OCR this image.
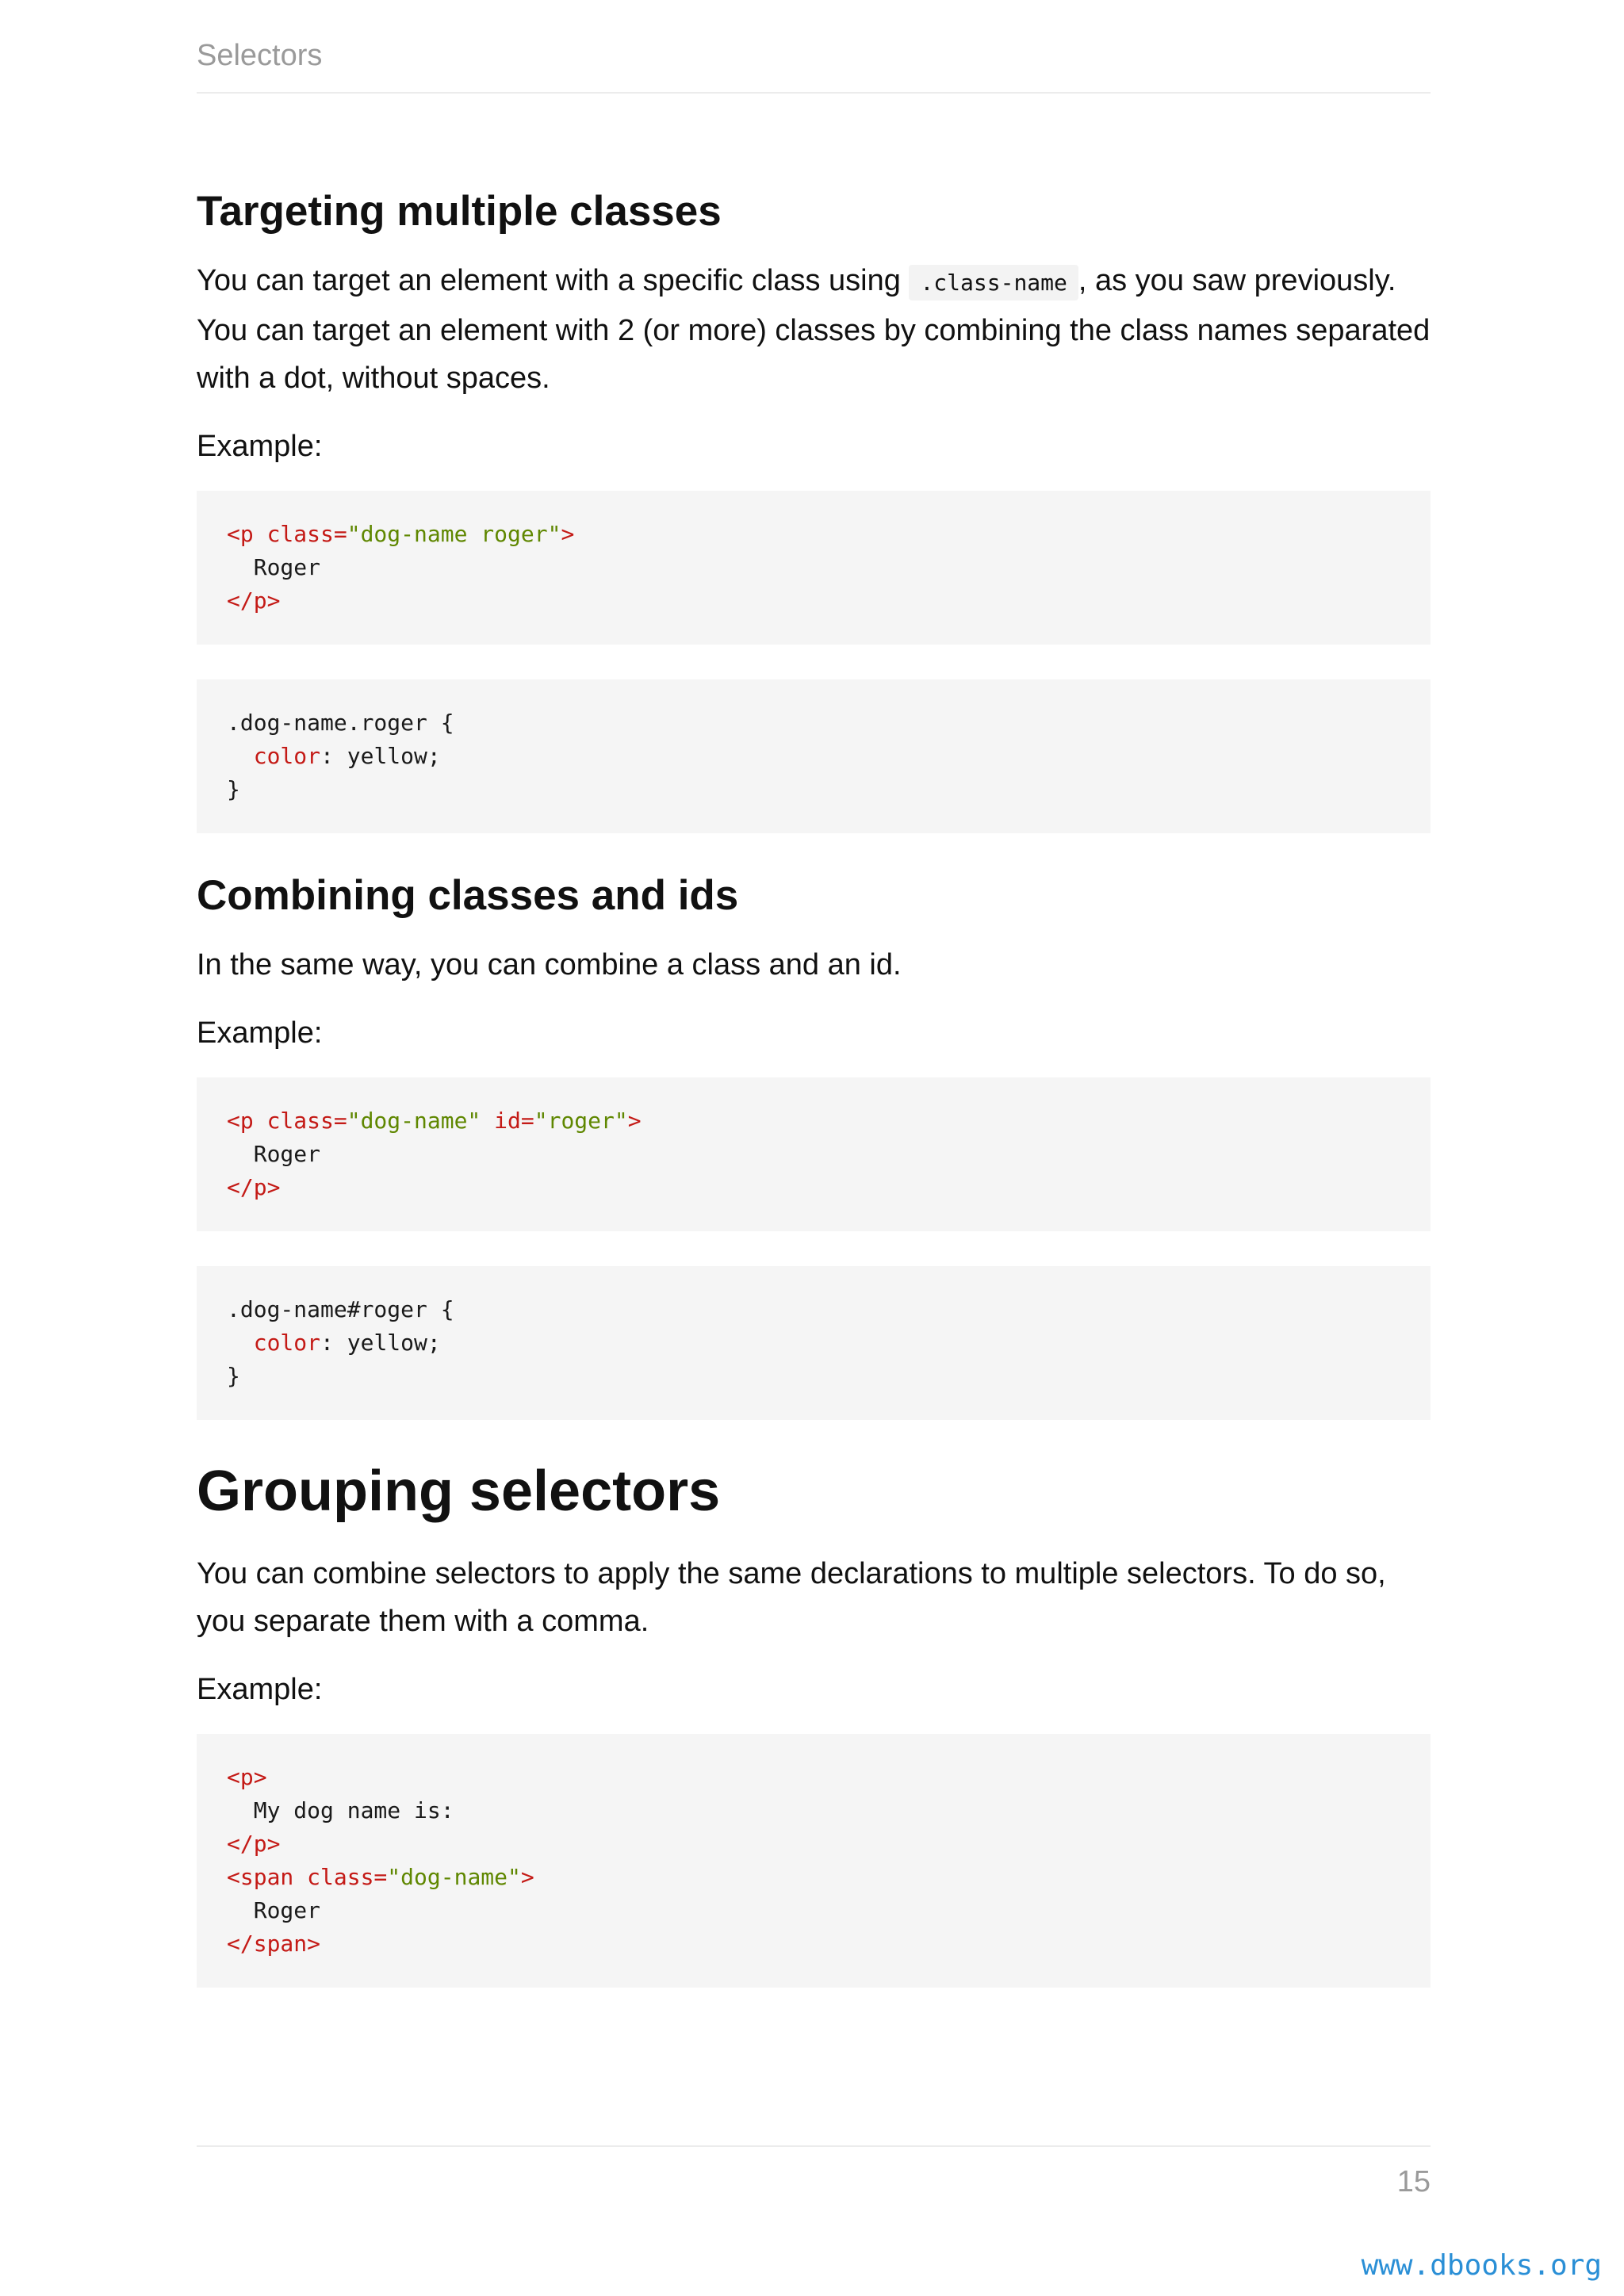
Selectors
Targeting multiple classes

You can target an element with a specific class using .class-name , as you saw previously. You can target an element with 2 (or more) classes by combining the class names separated with a dot, without spaces.

Example:

<p class="dog-name roger">
Roger
</p>
.dog-name.roger {
color: yellow;
}
Combining classes and ids

In the same way, you can combine a class and an id.

Example:

<p class="dog-name" id="roger">
Roger
</p>
.dog-name#roger {
color: yellow;
}
Grouping selectors

You can combine selectors to apply the same declarations to multiple selectors. To do so, you separate them with a comma.

Example:

<p>
My dog name is:
</p>
<span class="dog-name">
Roger
</span>
15
www.dbooks.org
